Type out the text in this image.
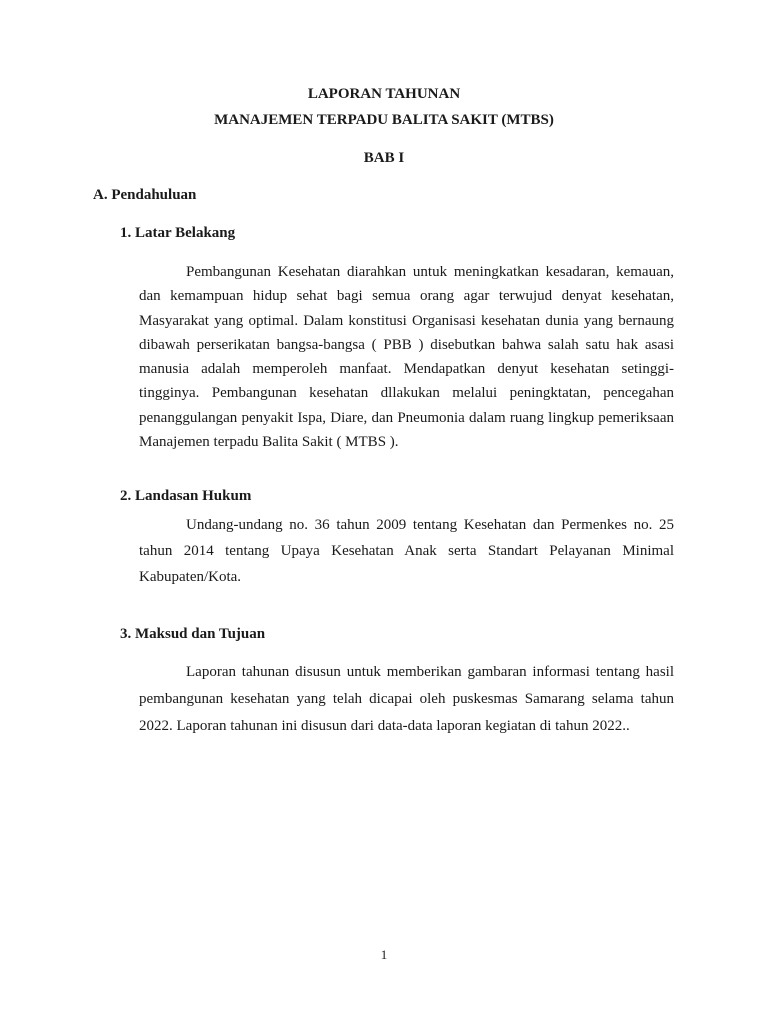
LAPORAN TAHUNAN
MANAJEMEN TERPADU BALITA SAKIT (MTBS)
BAB I
A. Pendahuluan
1. Latar Belakang

Pembangunan Kesehatan diarahkan untuk meningkatkan kesadaran, kemauan, dan kemampuan hidup sehat bagi semua orang agar terwujud denyat kesehatan, Masyarakat yang optimal. Dalam konstitusi Organisasi kesehatan dunia yang bernaung dibawah perserikatan bangsa-bangsa ( PBB ) disebutkan bahwa salah satu hak asasi manusia adalah memperoleh manfaat. Mendapatkan denyut kesehatan setinggi-tingginya. Pembangunan kesehatan dllakukan melalui peningktatan, pencegahan penanggulangan penyakit Ispa, Diare, dan Pneumonia dalam ruang lingkup pemeriksaan Manajemen terpadu Balita Sakit ( MTBS ).

2. Landasan Hukum

Undang-undang no. 36 tahun 2009 tentang Kesehatan dan Permenkes no. 25 tahun 2014 tentang Upaya Kesehatan Anak serta Standart Pelayanan Minimal Kabupaten/Kota.

3. Maksud dan Tujuan

Laporan tahunan disusun untuk memberikan gambaran informasi tentang hasil pembangunan kesehatan yang telah dicapai oleh puskesmas Samarang selama tahun 2022. Laporan tahunan ini disusun dari data-data laporan kegiatan di tahun 2022..

1
